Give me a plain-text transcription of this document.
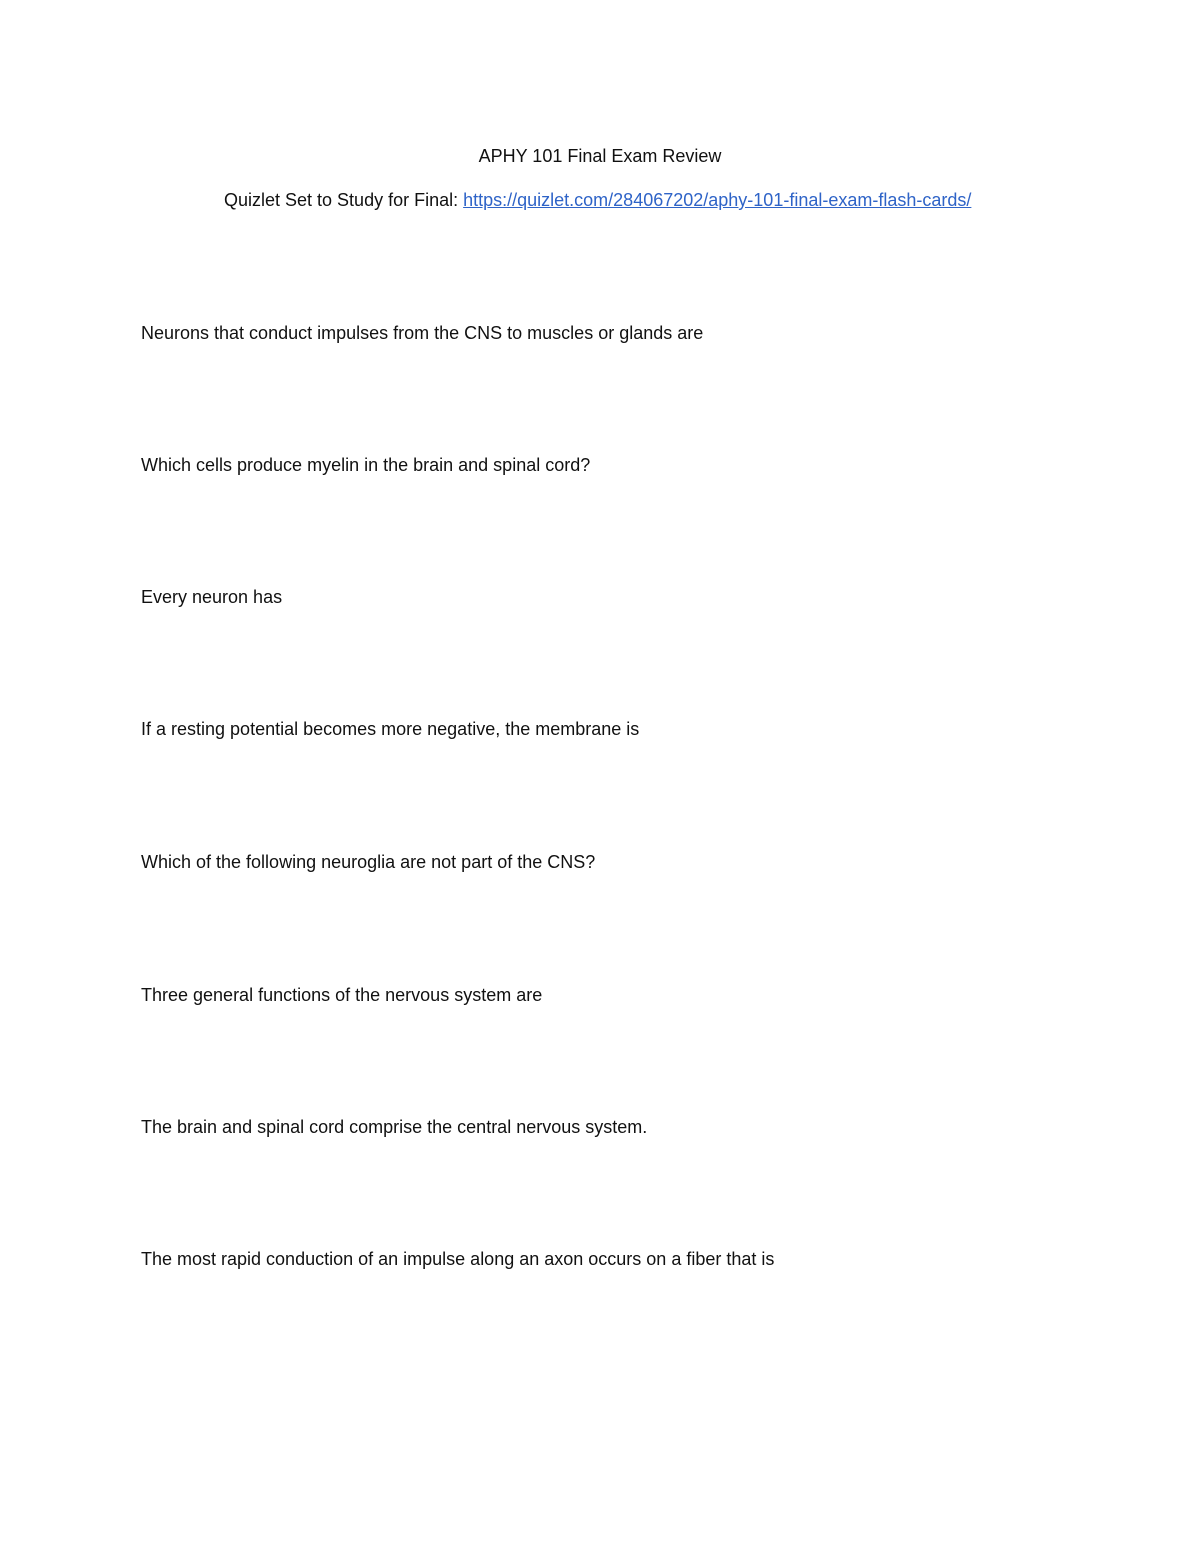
APHY 101 Final Exam Review
Quizlet Set to Study for Final: https://quizlet.com/284067202/aphy-101-final-exam-flash-cards/
Neurons that conduct impulses from the CNS to muscles or glands are
Which cells produce myelin in the brain and spinal cord?
Every neuron has
If a resting potential becomes more negative, the membrane is
Which of the following neuroglia are not part of the CNS?
Three general functions of the nervous system are
The brain and spinal cord comprise the central nervous system.
The most rapid conduction of an impulse along an axon occurs on a fiber that is
